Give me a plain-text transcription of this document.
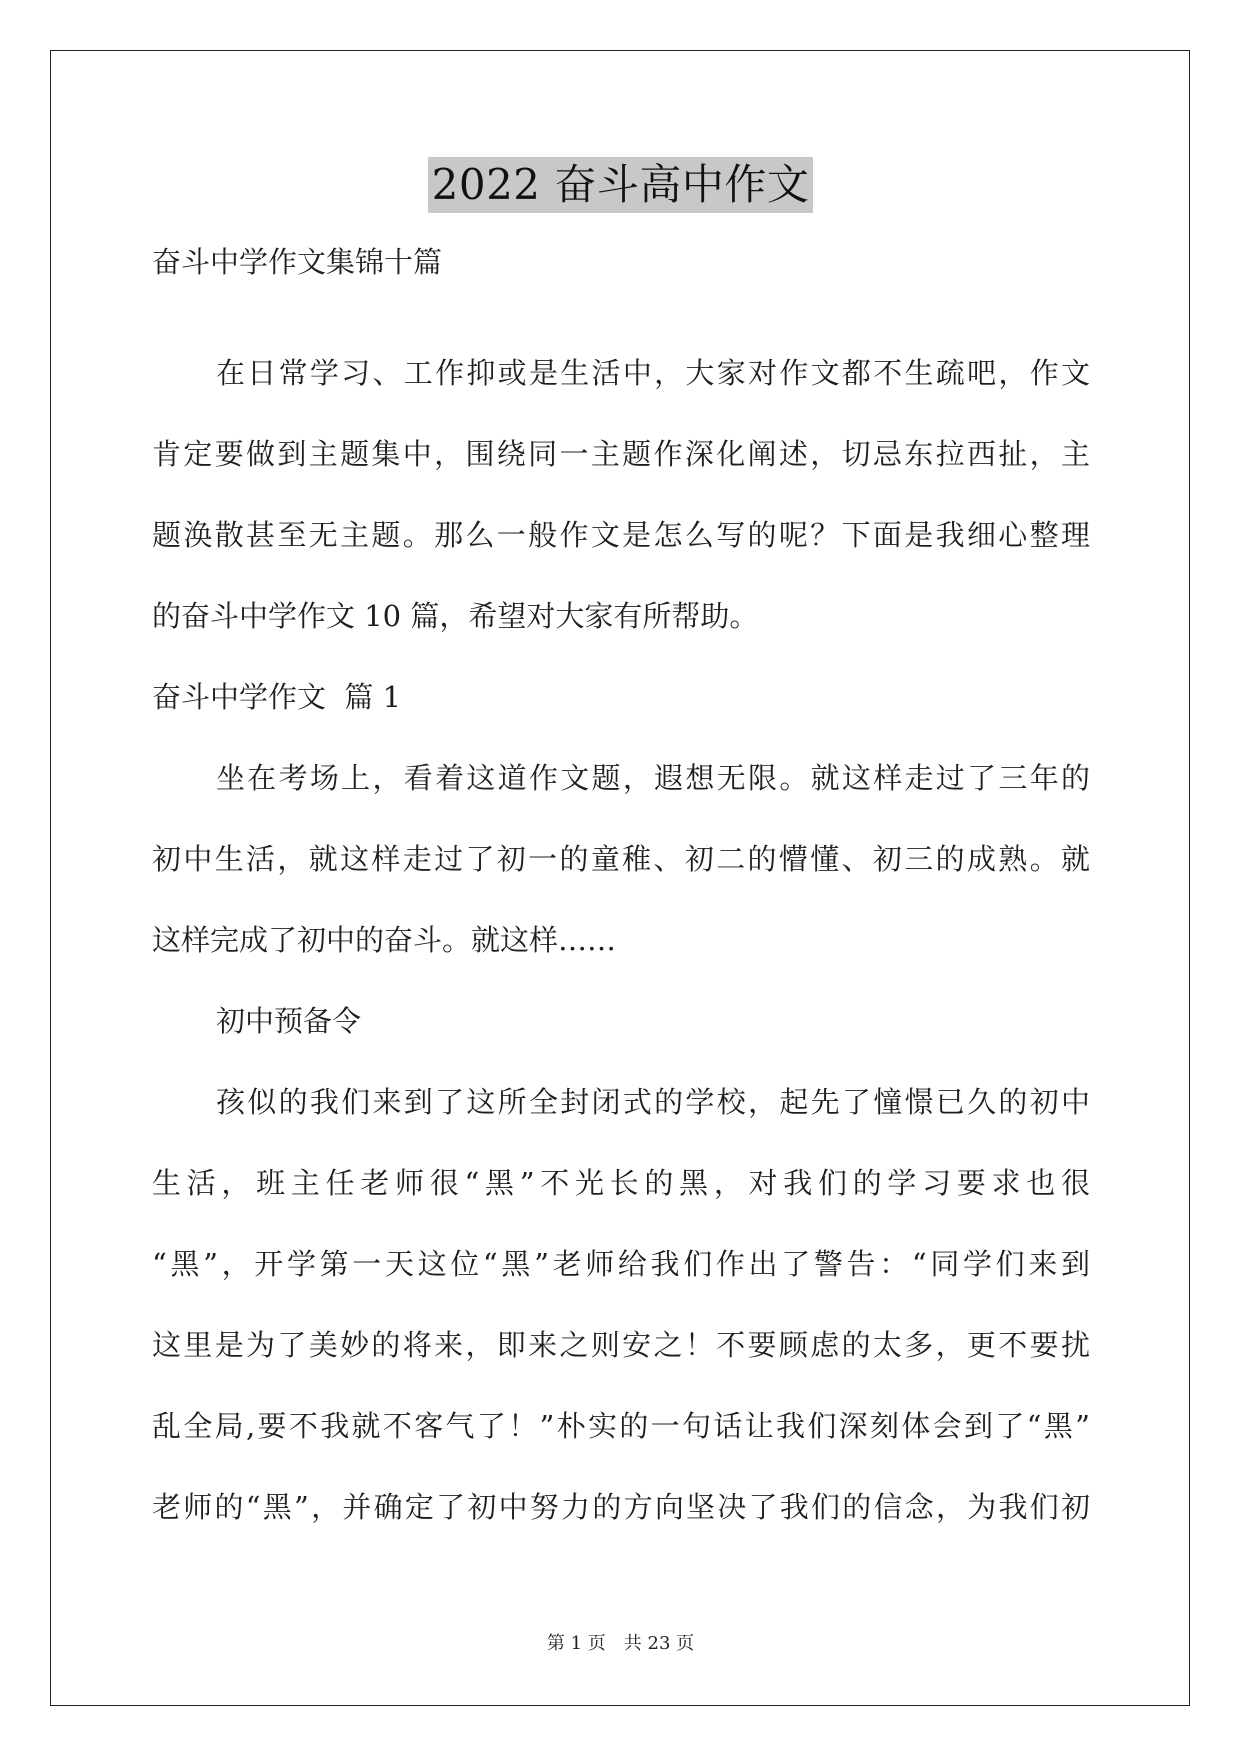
2022 奋斗高中作文
奋斗中学作文集锦十篇
在日常学习、工作抑或是生活中，大家对作文都不生疏吧，作文
肯定要做到主题集中，围绕同一主题作深化阐述，切忌东拉西扯，主
题涣散甚至无主题。那么一般作文是怎么写的呢？下面是我细心整理
的奋斗中学作文 10 篇，希望对大家有所帮助。
奋斗中学作文  篇 1
坐在考场上，看着这道作文题，遐想无限。就这样走过了三年的
初中生活，就这样走过了初一的童稚、初二的懵懂、初三的成熟。就
这样完成了初中的奋斗。就这样……
初中预备令
孩似的我们来到了这所全封闭式的学校，起先了憧憬已久的初中
生活，班主任老师很“黑”不光长的黑，对我们的学习要求也很
“黑”，开学第一天这位“黑”老师给我们作出了警告：“同学们来到
这里是为了美妙的将来，即来之则安之！不要顾虑的太多，更不要扰
乱全局,要不我就不客气了！”朴实的一句话让我们深刻体会到了“黑”
老师的“黑”，并确定了初中努力的方向坚决了我们的信念，为我们初
第 1 页 共 23 页
